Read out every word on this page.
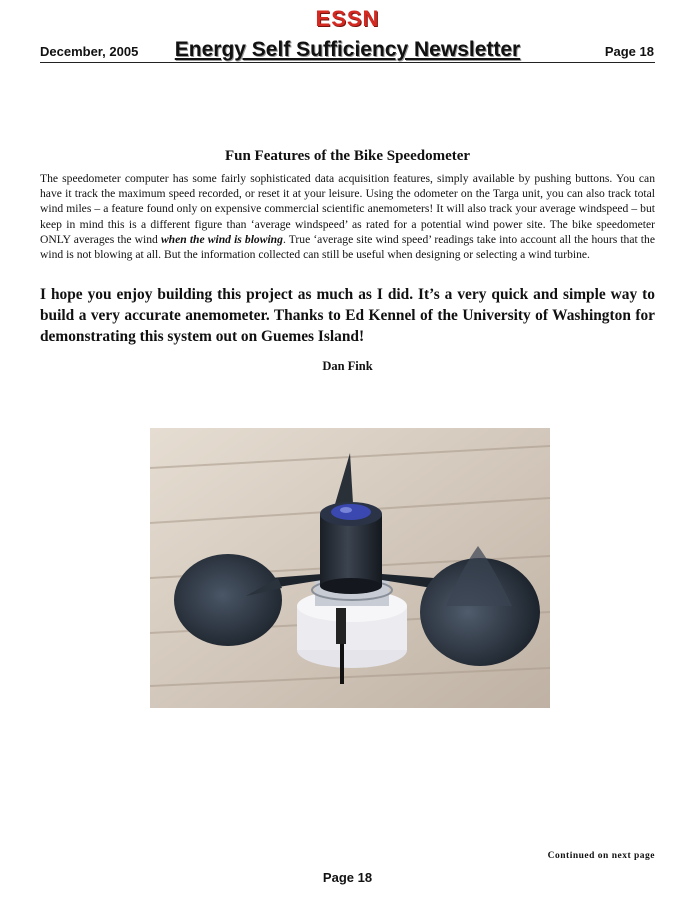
ESSN
December, 2005	Energy Self Sufficiency Newsletter	Page 18
Fun Features of the Bike Speedometer
The speedometer computer has some fairly sophisticated data acquisition features, simply available by pushing buttons. You can have it track the maximum speed recorded, or reset it at your leisure. Using the odometer on the Targa unit, you can also track total wind miles – a feature found only on expensive commercial scientific anemometers! It will also track your average windspeed – but keep in mind this is a different figure than ‘average windspeed’ as rated for a potential wind power site. The bike speedometer ONLY averages the wind when the wind is blowing. True ‘average site wind speed’ readings take into account all the hours that the wind is not blowing at all. But the information collected can still be useful when designing or selecting a wind turbine.
I hope you enjoy building this project as much as I did. It’s a very quick and simple way to build a very accurate anemometer. Thanks to Ed Kennel of the University of Washington for demonstrating this system out on Guemes Island!
Dan Fink
Continued on next page
Page 18
